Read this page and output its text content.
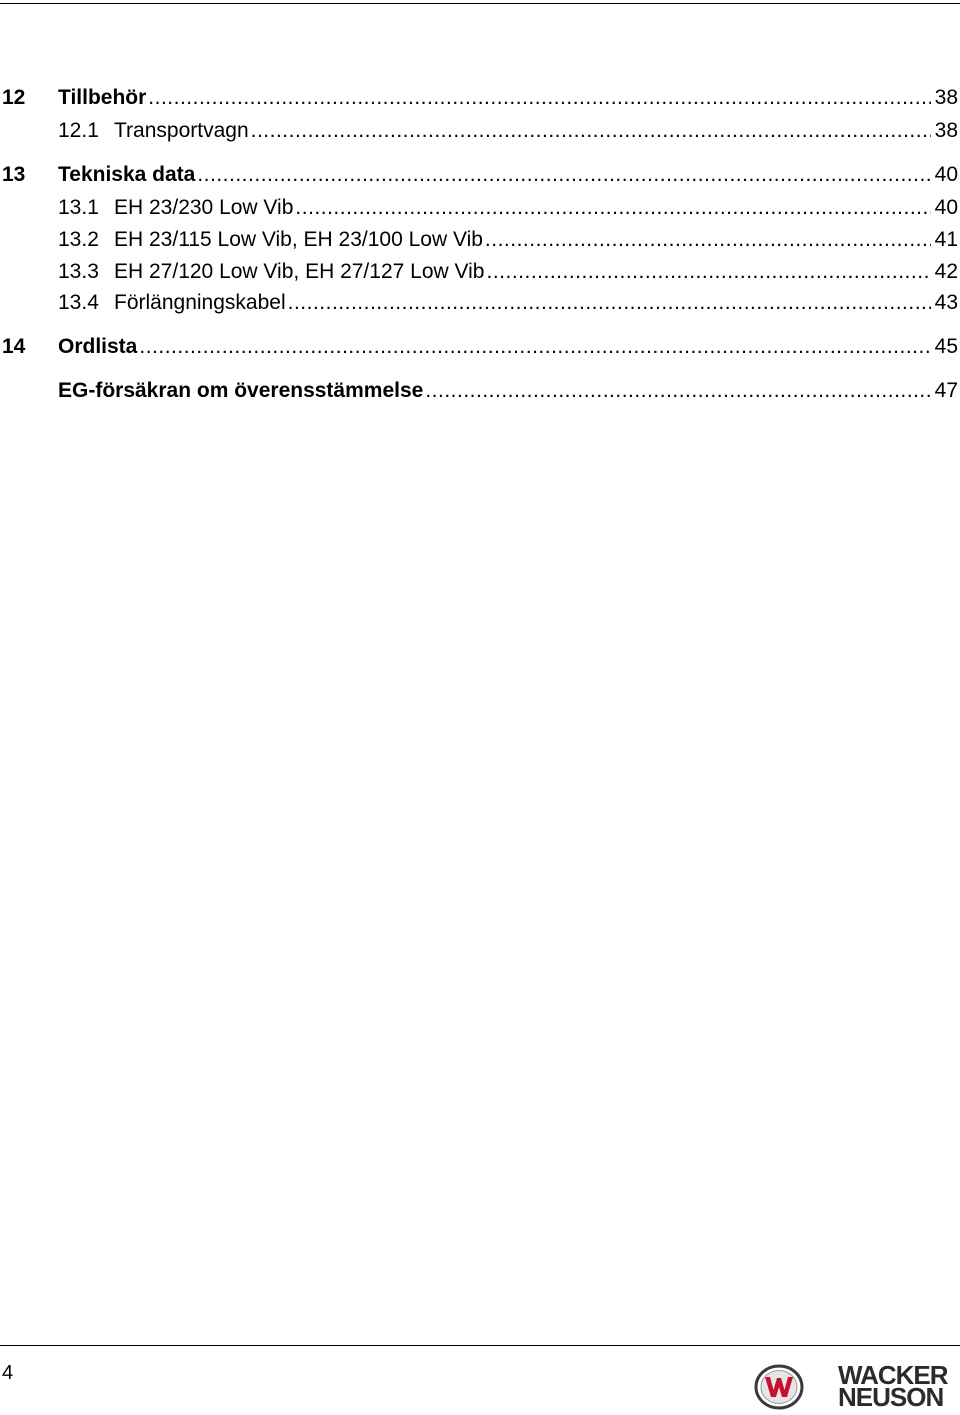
12	Tillbehör .....	38
12.1 Transportvagn .....	38
13	Tekniska data .....	40
13.1 EH 23/230 Low Vib .....	40
13.2 EH 23/115 Low Vib, EH 23/100 Low Vib .....	41
13.3 EH 27/120 Low Vib, EH 27/127 Low Vib .....	42
13.4 Förlängningskabel .....	43
14	Ordlista .....	45
EG-försäkran om överensstämmelse .....	47
4	WACKER
NEUSON
